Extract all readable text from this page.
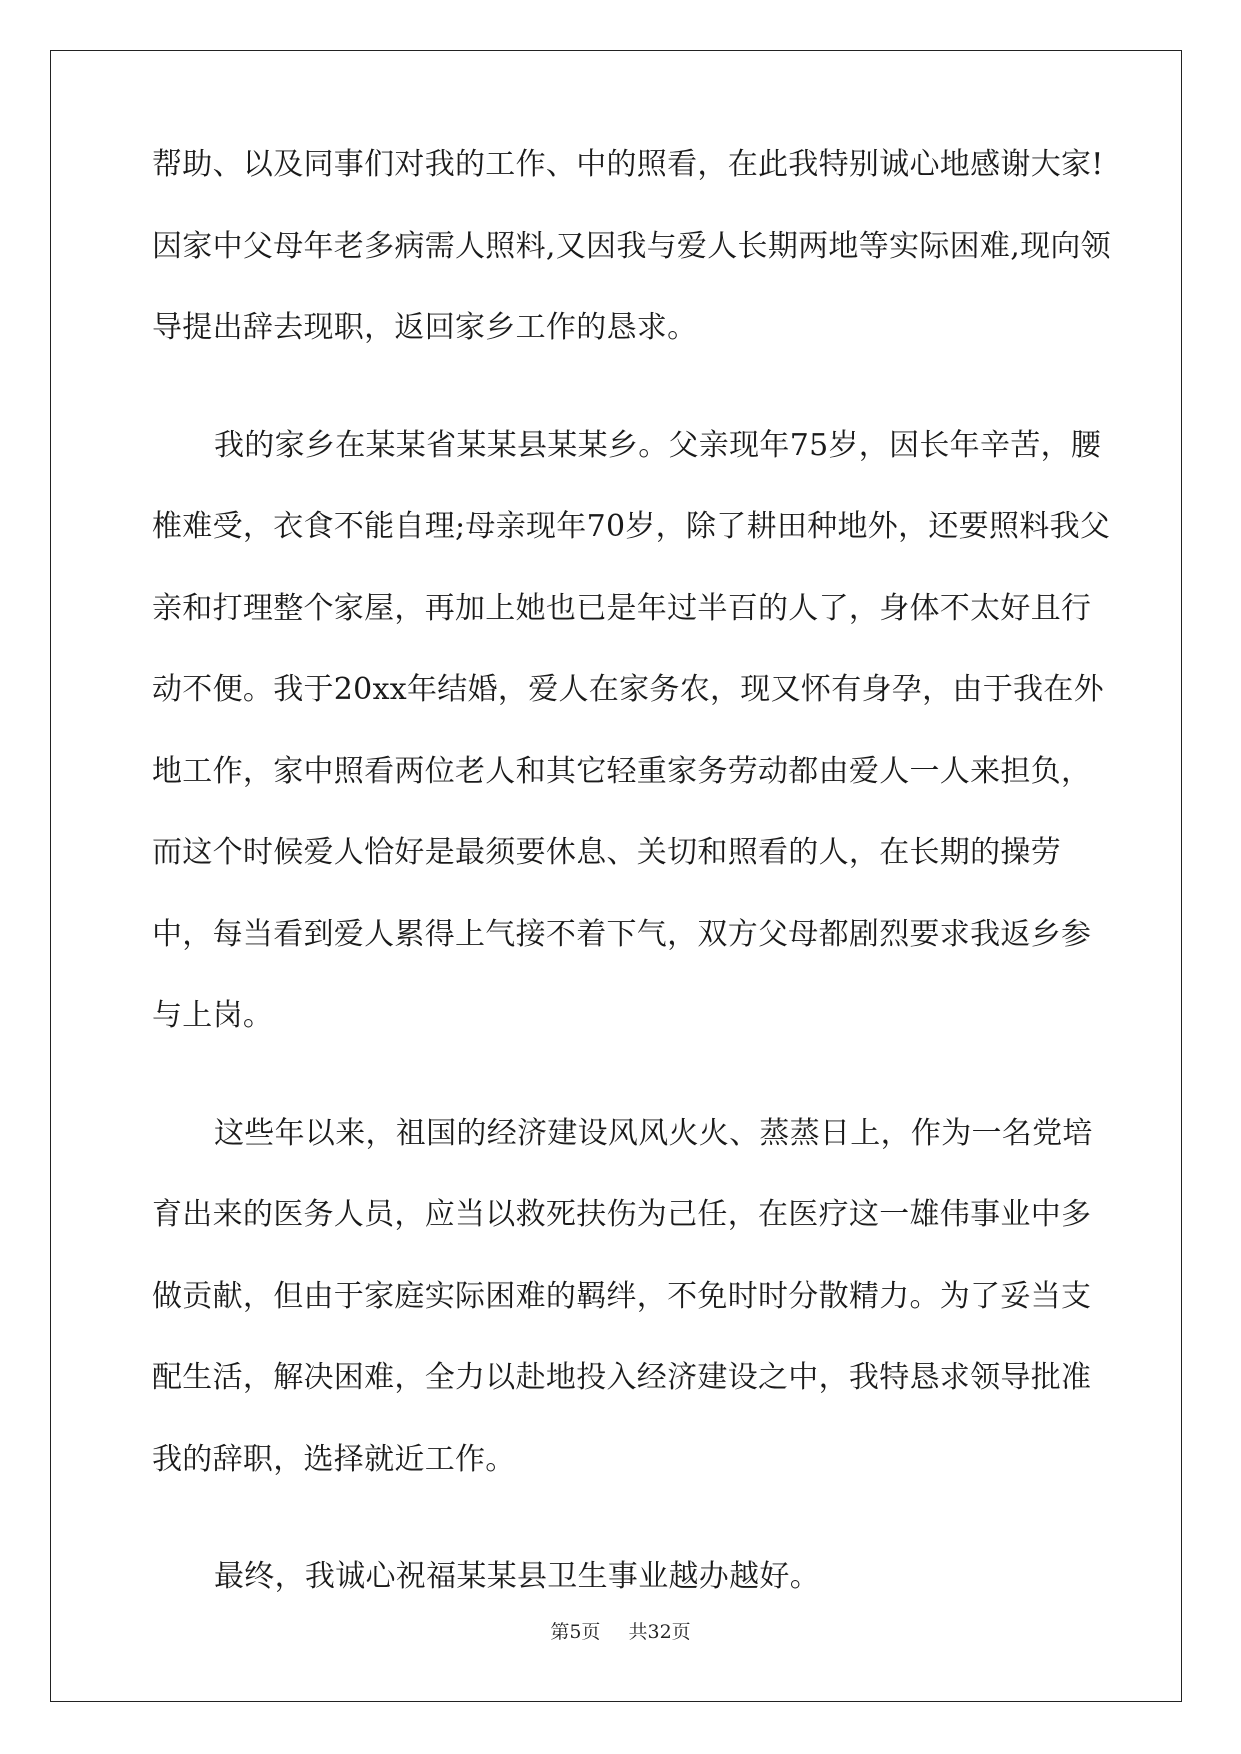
帮助、以及同事们对我的工作、中的照看，在此我特别诚心地感谢大家!因家中父母年老多病需人照料,又因我与爱人长期两地等实际困难,现向领导提出辞去现职，返回家乡工作的恳求。

我的家乡在某某省某某县某某乡。父亲现年75岁，因长年辛苦，腰椎难受，衣食不能自理;母亲现年70岁，除了耕田种地外，还要照料我父亲和打理整个家屋，再加上她也已是年过半百的人了，身体不太好且行动不便。我于20xx年结婚，爱人在家务农，现又怀有身孕，由于我在外地工作，家中照看两位老人和其它轻重家务劳动都由爱人一人来担负，而这个时候爱人恰好是最须要休息、关切和照看的人，在长期的操劳中，每当看到爱人累得上气接不着下气，双方父母都剧烈要求我返乡参与上岗。

这些年以来，祖国的经济建设风风火火、蒸蒸日上，作为一名党培育出来的医务人员，应当以救死扶伤为己任，在医疗这一雄伟事业中多做贡献，但由于家庭实际困难的羁绊，不免时时分散精力。为了妥当支配生活，解决困难，全力以赴地投入经济建设之中，我特恳求领导批准我的辞职，选择就近工作。

最终，我诚心祝福某某县卫生事业越办越好。

第5页 共32页
